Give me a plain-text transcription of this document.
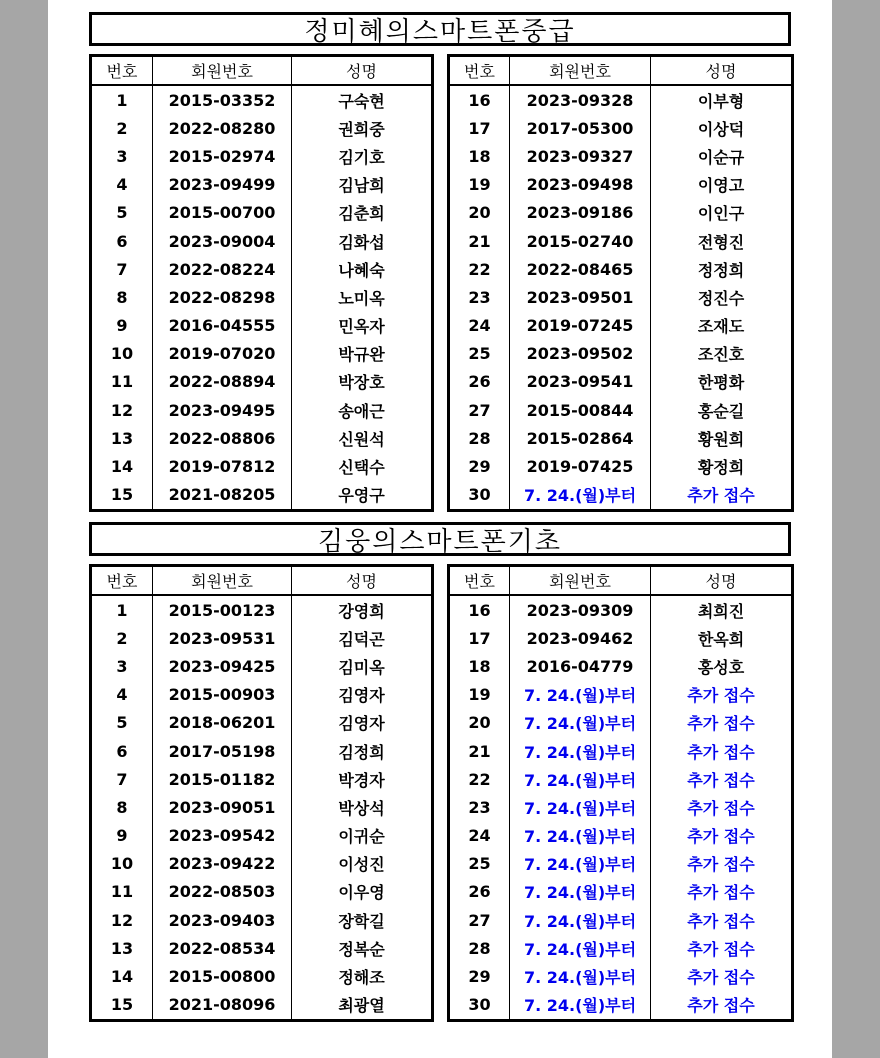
정미혜의스마트폰중급
번호	회원번호	성명
1	2015-03352	구숙현
2	2022-08280	권희중
3	2015-02974	김기호
4	2023-09499	김남희
5	2015-00700	김춘희
6	2023-09004	김화섭
7	2022-08224	나혜숙
8	2022-08298	노미옥
9	2016-04555	민옥자
10	2019-07020	박규완
11	2022-08894	박장호
12	2023-09495	송애근
13	2022-08806	신원석
14	2019-07812	신택수
15	2021-08205	우영구
번호	회원번호	성명
16	2023-09328	이부형
17	2017-05300	이상덕
18	2023-09327	이순규
19	2023-09498	이영고
20	2023-09186	이인구
21	2015-02740	전형진
22	2022-08465	정정희
23	2023-09501	정진수
24	2019-07245	조재도
25	2023-09502	조진호
26	2023-09541	한평화
27	2015-00844	홍순길
28	2015-02864	황원희
29	2019-07425	황정희
30	7. 24.(월)부터	추가 접수
김웅의스마트폰기초
번호	회원번호	성명
1	2015-00123	강영희
2	2023-09531	김덕곤
3	2023-09425	김미옥
4	2015-00903	김영자
5	2018-06201	김영자
6	2017-05198	김정희
7	2015-01182	박경자
8	2023-09051	박상석
9	2023-09542	이귀순
10	2023-09422	이성진
11	2022-08503	이우영
12	2023-09403	장학길
13	2022-08534	정복순
14	2015-00800	정해조
15	2021-08096	최광열
번호	회원번호	성명
16	2023-09309	최희진
17	2023-09462	한옥희
18	2016-04779	홍성호
19	7. 24.(월)부터	추가 접수
20	7. 24.(월)부터	추가 접수
21	7. 24.(월)부터	추가 접수
22	7. 24.(월)부터	추가 접수
23	7. 24.(월)부터	추가 접수
24	7. 24.(월)부터	추가 접수
25	7. 24.(월)부터	추가 접수
26	7. 24.(월)부터	추가 접수
27	7. 24.(월)부터	추가 접수
28	7. 24.(월)부터	추가 접수
29	7. 24.(월)부터	추가 접수
30	7. 24.(월)부터	추가 접수
